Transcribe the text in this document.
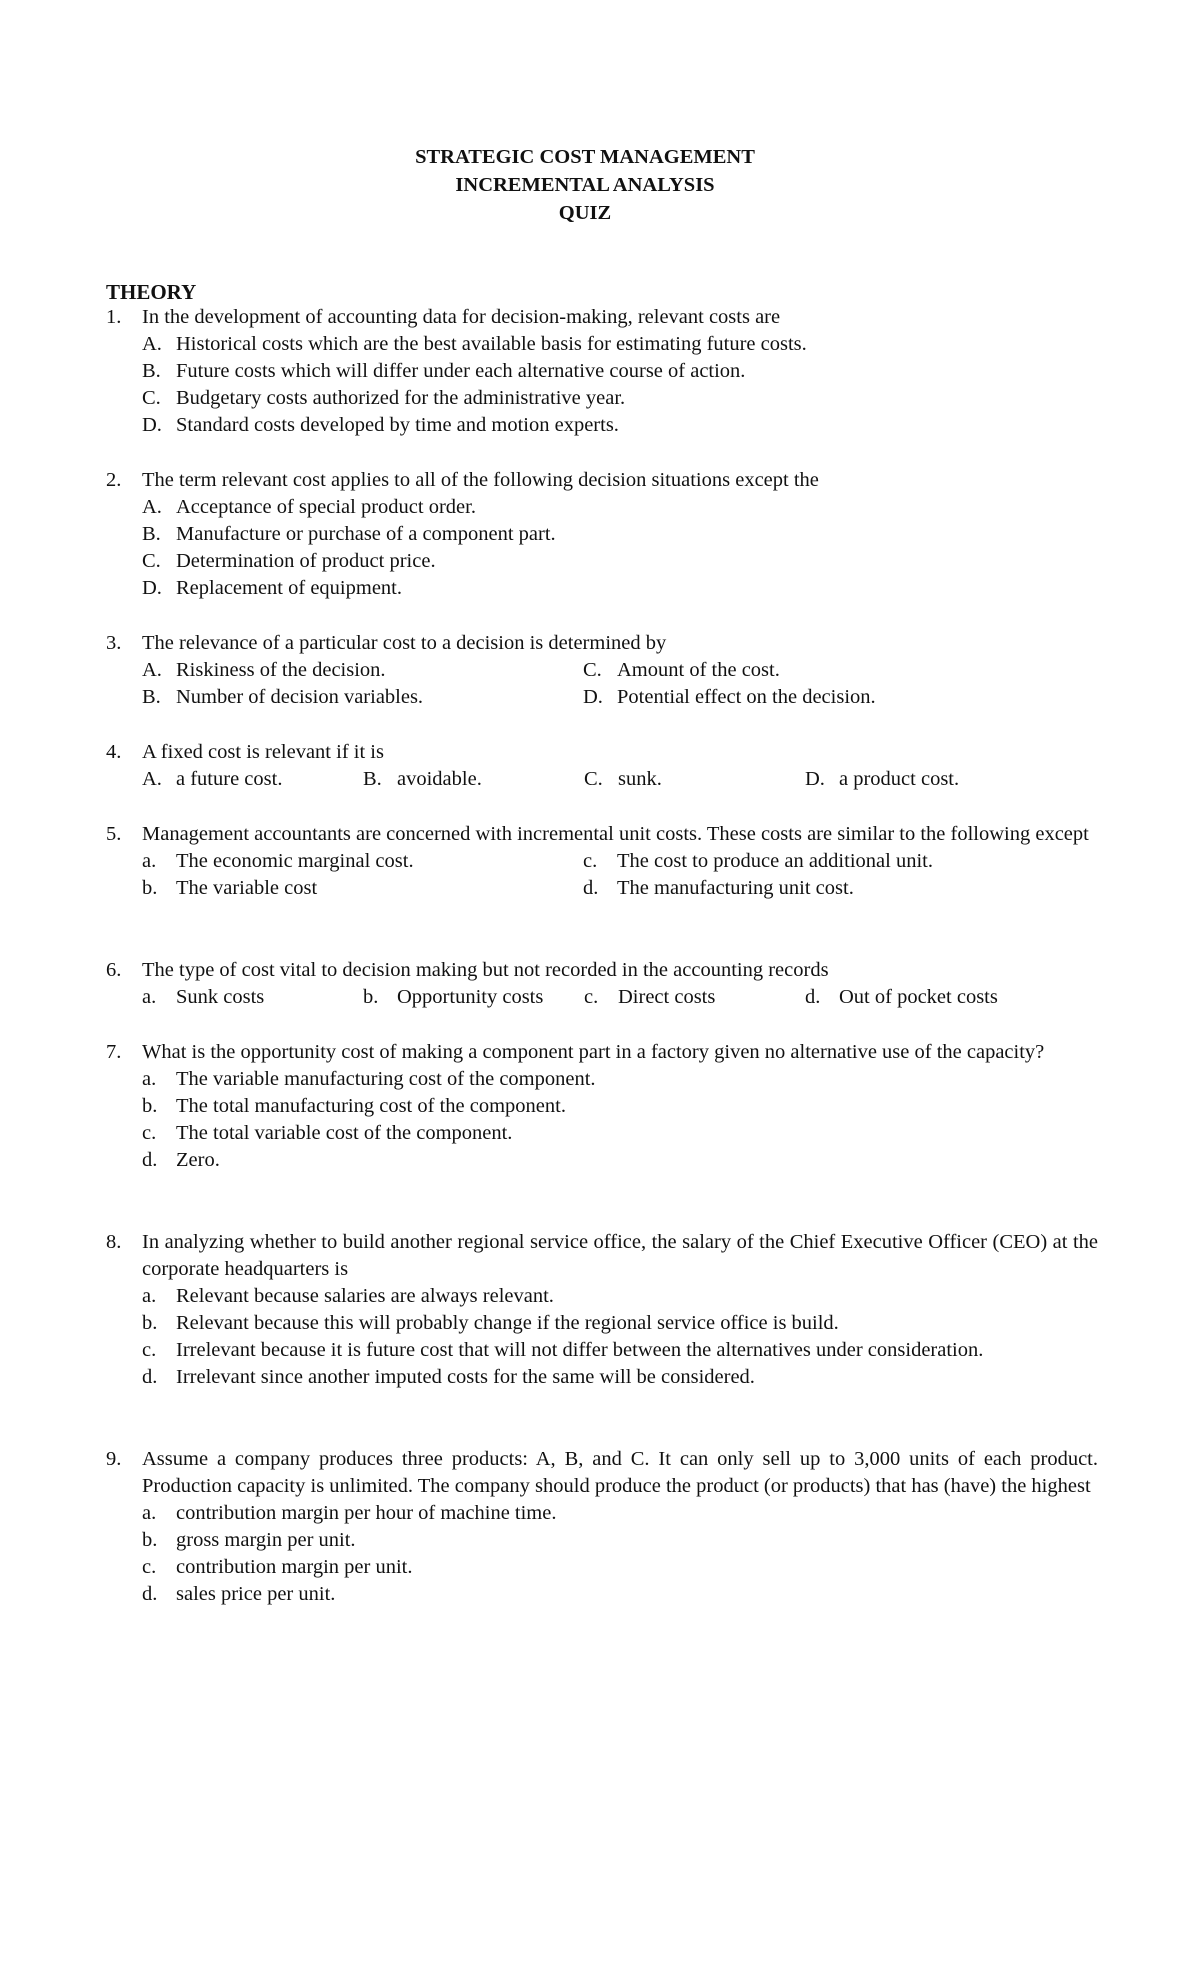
STRATEGIC COST MANAGEMENT
INCREMENTAL ANALYSIS
QUIZ
THEORY
1.	In the development of accounting data for decision-making, relevant costs are
A. Historical costs which are the best available basis for estimating future costs.
B. Future costs which will differ under each alternative course of action.
C. Budgetary costs authorized for the administrative year.
D. Standard costs developed by time and motion experts.
2.	The term relevant cost applies to all of the following decision situations except the
A. Acceptance of special product order.
B. Manufacture or purchase of a component part.
C. Determination of product price.
D. Replacement of equipment.
3.	The relevance of a particular cost to a decision is determined by
A. Riskiness of the decision.	C. Amount of the cost.
B. Number of decision variables.	D. Potential effect on the decision.
4.	A fixed cost is relevant if it is
A. a future cost.	B. avoidable.	C. sunk.	D. a product cost.
5.	Management accountants are concerned with incremental unit costs. These costs are similar to the following except
a. The economic marginal cost.	c. The cost to produce an additional unit.
b. The variable cost	d. The manufacturing unit cost.
6.	The type of cost vital to decision making but not recorded in the accounting records
a. Sunk costs	b. Opportunity costs c. Direct costs	d. Out of pocket costs
7.	What is the opportunity cost of making a component part in a factory given no alternative use of the capacity?
a. The variable manufacturing cost of the component.
b. The total manufacturing cost of the component.
c. The total variable cost of the component.
d. Zero.
8.	In analyzing whether to build another regional service office, the salary of the Chief Executive Officer (CEO) at the corporate headquarters is
a. Relevant because salaries are always relevant.
b. Relevant because this will probably change if the regional service office is build.
c. Irrelevant because it is future cost that will not differ between the alternatives under consideration.
d. Irrelevant since another imputed costs for the same will be considered.
9.	Assume a company produces three products: A, B, and C. It can only sell up to 3,000 units of each product. Production capacity is unlimited. The company should produce the product (or products) that has (have) the highest
a. contribution margin per hour of machine time.
b. gross margin per unit.
c. contribution margin per unit.
d. sales price per unit.
